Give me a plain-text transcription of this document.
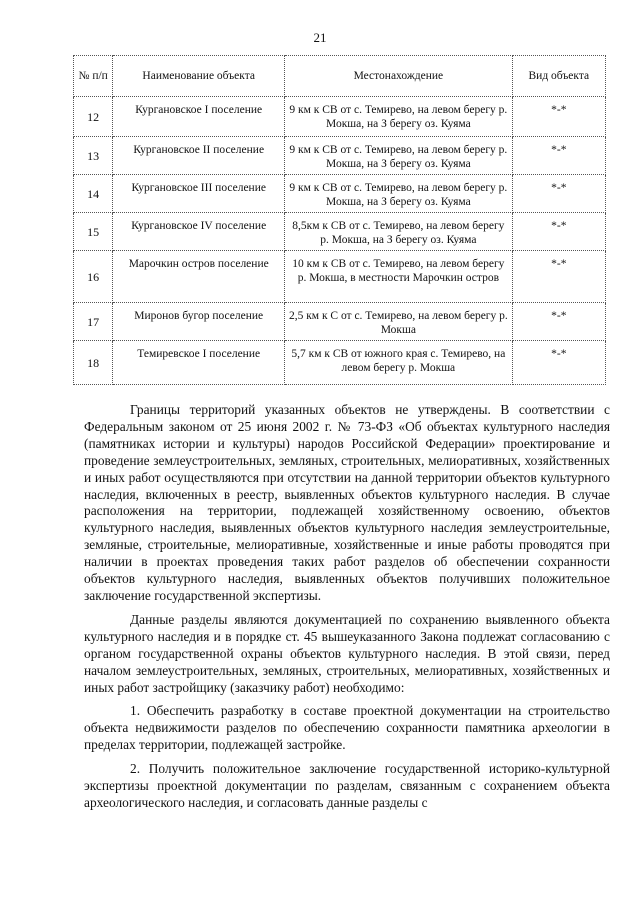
21
№ п/п	Наименование объекта	Местонахождение	Вид объекта
12	Кургановское I поселение	9 км к СВ от с. Темирево, на левом берегу р. Мокша, на З берегу оз. Куяма	*-*
13	Кургановское II поселение	9 км к СВ от с. Темирево, на левом берегу р. Мокша, на З берегу оз. Куяма	*-*
14	Кургановское III поселение	9 км к СВ от с. Темирево, на левом берегу р. Мокша, на З берегу оз. Куяма	*-*
15	Кургановское IV поселение	8,5км к СВ от с. Темирево, на левом берегу р. Мокша, на З берегу оз. Куяма	*-*
16	Марочкин остров поселение	10 км к СВ от с. Темирево, на левом берегу р. Мокша, в местности Марочкин остров	*-*
17	Миронов бугор поселение	2,5 км к С от с. Темирево, на левом берегу р. Мокша	*-*
18	Темиревское I поселение	5,7 км к СВ от южного края с. Темирево, на левом берегу р. Мокша	*-*

Границы территорий указанных объектов не утверждены. В соответствии с Федеральным законом от 25 июня 2002 г. № 73-ФЗ «Об объектах культурного наследия (памятниках истории и культуры) народов Российской Федерации» проектирование и проведение землеустроительных, земляных, строительных, мелиоративных, хозяйственных и иных работ осуществляются при отсутствии на данной территории объектов культурного наследия, включенных в реестр, выявленных объектов культурного наследия. В случае расположения на территории, подлежащей хозяйственному освоению, объектов культурного наследия, выявленных объектов культурного наследия землеустроительные, земляные, строительные, мелиоративные, хозяйственные и иные работы проводятся при наличии в проектах проведения таких работ разделов об обеспечении сохранности объектов культурного наследия, выявленных объектов получивших положительное заключение государственной экспертизы.

Данные разделы являются документацией по сохранению выявленного объекта культурного наследия и в порядке ст. 45 вышеуказанного Закона подлежат согласованию с органом государственной охраны объектов культурного наследия. В этой связи, перед началом землеустроительных, земляных, строительных, мелиоративных, хозяйственных и иных работ застройщику (заказчику работ) необходимо:

1. Обеспечить разработку в составе проектной документации на строительство объекта недвижимости разделов по обеспечению сохранности памятника археологии в пределах территории, подлежащей застройке.

2. Получить положительное заключение государственной историко-культурной экспертизы проектной документации по разделам, связанным с сохранением объекта археологического наследия, и согласовать данные разделы с
